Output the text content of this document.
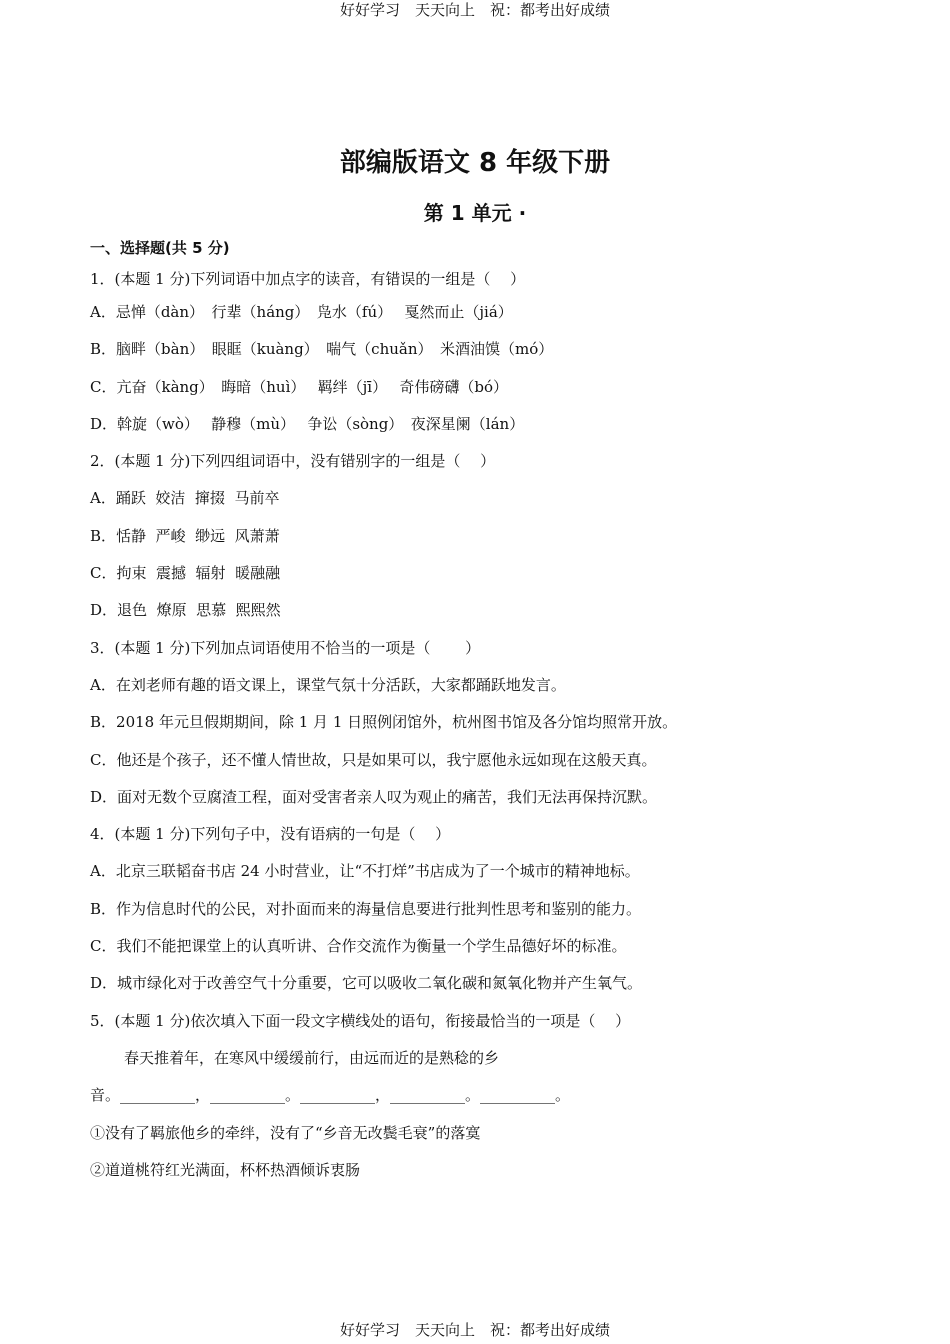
好好学习　天天向上　祝：都考出好成绩
部编版语文 8 年级下册
第 1 单元 ·
一、选择题(共 5 分)
1．(本题 1 分)下列词语中加点字的读音，有错误的一组是（　 ）
A．忌惮（dàn）　行辈（háng）　凫水（fú）　 戛然而止（jiá）
B．脑畔（bàn）　眼眶（kuàng）　喘气（chuǎn）　米酒油馍（mó）
C．亢奋（kàng）　晦暗（huì）　 羁绊（jī）　 奇伟磅礴（bó）
D．斡旋（wò）　 静穆（mù）　 争讼（sòng）　夜深星阑（lán）
2．(本题 1 分)下列四组词语中，没有错别字的一组是（　 ）
A．踊跃  姣洁  撺掇  马前卒
B．恬静  严峻  缈远  风萧萧
C．拘束  震撼  辐射  暖融融
D．退色  燎原  思慕  熙熙然
3．(本题 1 分)下列加点词语使用不恰当的一项是（　　 ）
A．在刘老师有趣的语文课上，课堂气氛十分活跃，大家都踊跃地发言。
B．2018 年元旦假期期间，除 1 月 1 日照例闭馆外，杭州图书馆及各分馆均照常开放。
C．他还是个孩子，还不懂人情世故，只是如果可以，我宁愿他永远如现在这般天真。
D．面对无数个豆腐渣工程，面对受害者亲人叹为观止的痛苦，我们无法再保持沉默。
4．(本题 1 分)下列句子中，没有语病的一句是（　 ）
A．北京三联韬奋书店 24 小时营业，让“不打烊”书店成为了一个城市的精神地标。
B．作为信息时代的公民，对扑面而来的海量信息要进行批判性思考和鉴别的能力。
C．我们不能把课堂上的认真听讲、合作交流作为衡量一个学生品德好坏的标准。
D．城市绿化对于改善空气十分重要，它可以吸收二氧化碳和氮氧化物并产生氧气。
5．(本题 1 分)依次填入下面一段文字横线处的语句，衔接最恰当的一项是（　 ）
春天推着年，在寒风中缓缓前行，由远而近的是熟稔的乡
音。__________，__________。__________，__________。__________。
①没有了羁旅他乡的牵绊，没有了“乡音无改鬓毛衰”的落寞
②道道桃符红光满面，杯杯热酒倾诉衷肠
好好学习　天天向上　祝：都考出好成绩
